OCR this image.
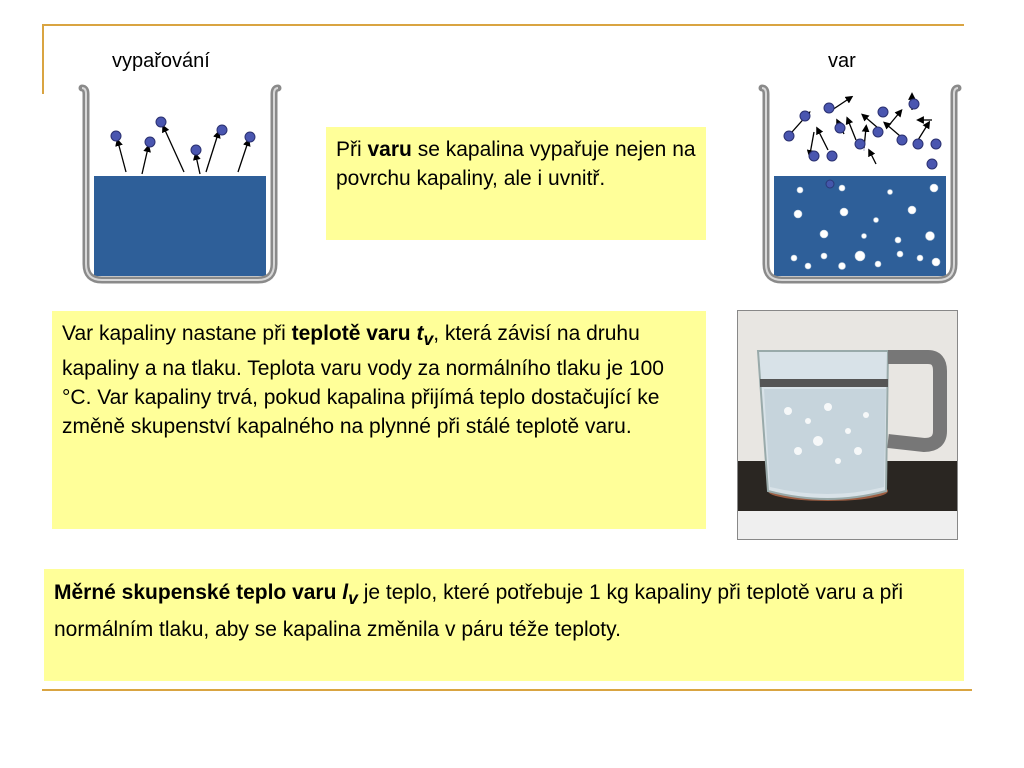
vypařování	var
Při varu se kapalina vypařuje nejen na povrchu kapaliny, ale i uvnitř.
Var kapaliny nastane při teplotě varu $t_v$, která závisí na druhu kapaliny a na tlaku. Teplota varu vody za normálního tlaku je 100 °C. Var kapaliny trvá, pokud kapalina přijímá teplo dostačující ke změně skupenství kapalného na plynné při stálé teplotě varu.
Měrné skupenské teplo varu $l_v$ je teplo, které potřebuje 1 kg kapaliny při teplotě varu a při normálním tlaku, aby se kapalina změnila v páru téže teploty.
